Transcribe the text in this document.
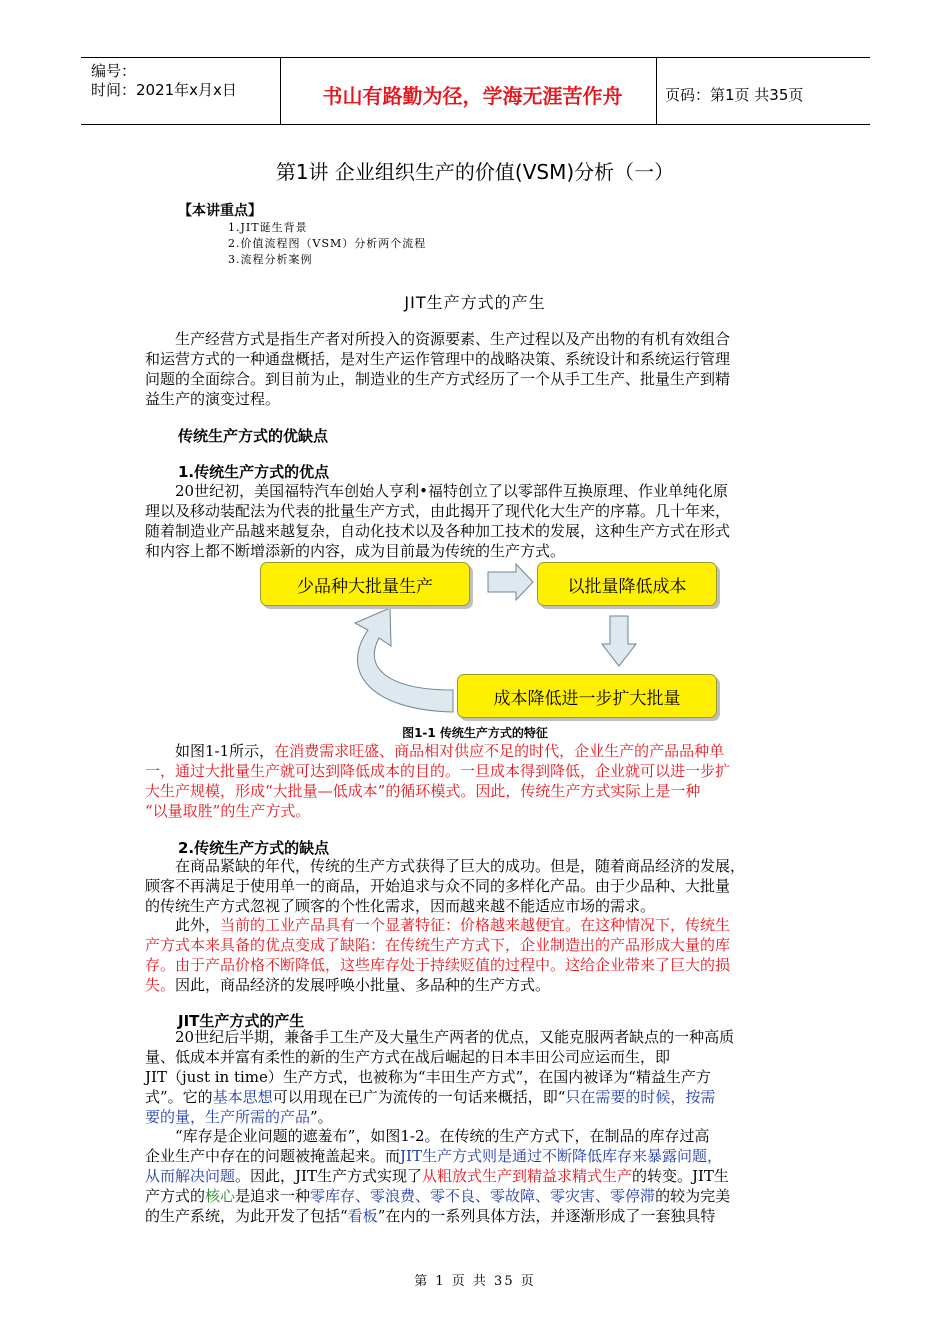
编号：
时间：2021年x月x日	书山有路勤为径，学海无涯苦作舟	页码：第1页 共35页
第1讲 企业组织生产的价值(VSM)分析（一）
【本讲重点】
1.JIT诞生背景
2.价值流程图（VSM）分析两个流程
3.流程分析案例
JIT生产方式的产生
生产经营方式是指生产者对所投入的资源要素、生产过程以及产出物的有机有效组合
和运营方式的一种通盘概括，是对生产运作管理中的战略决策、系统设计和系统运行管理
问题的全面综合。到目前为止，制造业的生产方式经历了一个从手工生产、批量生产到精
益生产的演变过程。
传统生产方式的优缺点
1.传统生产方式的优点
20世纪初，美国福特汽车创始人亨利•福特创立了以零部件互换原理、作业单纯化原
理以及移动装配法为代表的批量生产方式，由此揭开了现代化大生产的序幕。几十年来，
随着制造业产品越来越复杂，自动化技术以及各种加工技术的发展，这种生产方式在形式
和内容上都不断增添新的内容，成为目前最为传统的生产方式。
少品种大批量生产	以批量降低成本
成本降低进一步扩大批量
图1-1 传统生产方式的特征
如图1-1所示，在消费需求旺盛、商品相对供应不足的时代，企业生产的产品品种单
一，通过大批量生产就可达到降低成本的目的。一旦成本得到降低，企业就可以进一步扩
大生产规模，形成“大批量—低成本”的循环模式。因此，传统生产方式实际上是一种
“以量取胜”的生产方式。
2.传统生产方式的缺点
在商品紧缺的年代，传统的生产方式获得了巨大的成功。但是，随着商品经济的发展，
顾客不再满足于使用单一的商品，开始追求与众不同的多样化产品。由于少品种、大批量
的传统生产方式忽视了顾客的个性化需求，因而越来越不能适应市场的需求。
此外，当前的工业产品具有一个显著特征：价格越来越便宜。在这种情况下，传统生
产方式本来具备的优点变成了缺陷：在传统生产方式下，企业制造出的产品形成大量的库
存。由于产品价格不断降低，这些库存处于持续贬值的过程中。这给企业带来了巨大的损
失。因此，商品经济的发展呼唤小批量、多品种的生产方式。
JIT生产方式的产生
20世纪后半期，兼备手工生产及大量生产两者的优点，又能克服两者缺点的一种高质
量、低成本并富有柔性的新的生产方式在战后崛起的日本丰田公司应运而生，即
JIT（just in time）生产方式，也被称为“丰田生产方式”，在国内被译为“精益生产方
式”。它的基本思想可以用现在已广为流传的一句话来概括，即“只在需要的时候，按需
要的量，生产所需的产品”。
“库存是企业问题的遮羞布”，如图1-2。在传统的生产方式下，在制品的库存过高
企业生产中存在的问题被掩盖起来。而JIT生产方式则是通过不断降低库存来暴露问题，
从而解决问题。因此，JIT生产方式实现了从粗放式生产到精益求精式生产的转变。JIT生
产方式的核心是追求一种零库存、零浪费、零不良、零故障、零灾害、零停滞的较为完美
的生产系统，为此开发了包括“看板”在内的一系列具体方法，并逐渐形成了一套独具特
第 1 页 共 35 页
